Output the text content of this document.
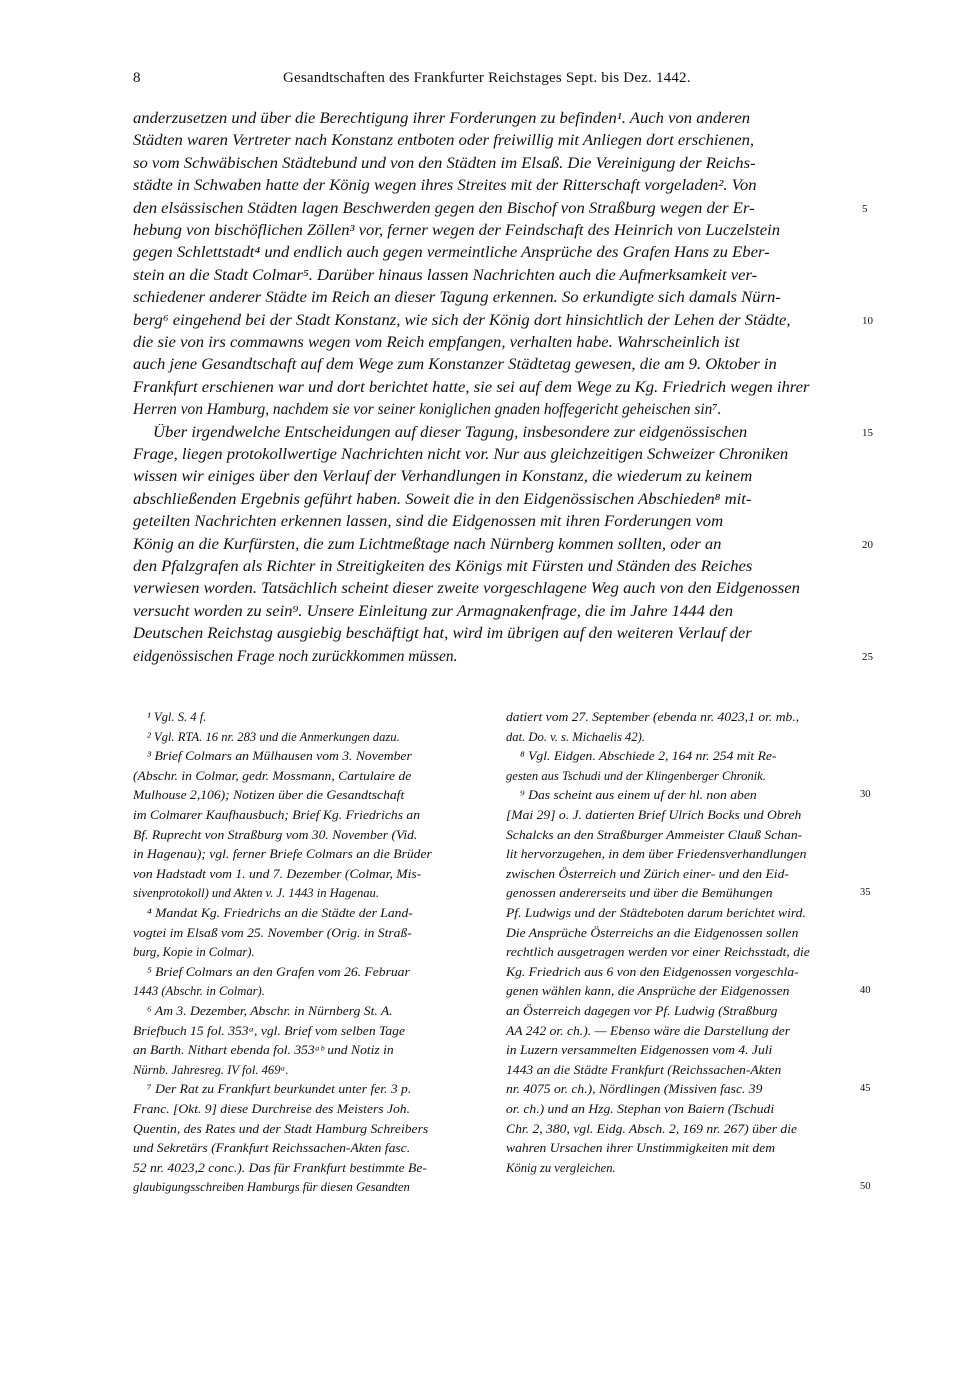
8	Gesandtschaften des Frankfurter Reichstages Sept. bis Dez. 1442.
anderzusetzen und über die Berechtigung ihrer Forderungen zu befinden¹. Auch von anderen
Städten waren Vertreter nach Konstanz entboten oder freiwillig mit Anliegen dort erschienen,
so vom Schwäbischen Städtebund und von den Städten im Elsaß. Die Vereinigung der Reichs-
städte in Schwaben hatte der König wegen ihres Streites mit der Ritterschaft vorgeladen². Von
den elsässischen Städten lagen Beschwerden gegen den Bischof von Straßburg wegen der Er-
hebung von bischöflichen Zöllen³ vor, ferner wegen der Feindschaft des Heinrich von Luczelstein
gegen Schlettstadt⁴ und endlich auch gegen vermeintliche Ansprüche des Grafen Hans zu Eber-
stein an die Stadt Colmar⁵. Darüber hinaus lassen Nachrichten auch die Aufmerksamkeit ver-
schiedener anderer Städte im Reich an dieser Tagung erkennen. So erkundigte sich damals Nürn-
berg⁶ eingehend bei der Stadt Konstanz, wie sich der König dort hinsichtlich der Lehen der Städte,
die sie von irs commawns wegen vom Reich empfangen, verhalten habe. Wahrscheinlich ist
auch jene Gesandtschaft auf dem Wege zum Konstanzer Städtetag gewesen, die am 9. Oktober in
Frankfurt erschienen war und dort berichtet hatte, sie sei auf dem Wege zu Kg. Friedrich wegen ihrer
Herren von Hamburg, nachdem sie vor seiner koniglichen gnaden hoffegericht geheischen sin⁷.
Über irgendwelche Entscheidungen auf dieser Tagung, insbesondere zur eidgenössischen
Frage, liegen protokollwertige Nachrichten nicht vor. Nur aus gleichzeitigen Schweizer Chroniken
wissen wir einiges über den Verlauf der Verhandlungen in Konstanz, die wiederum zu keinem
abschließenden Ergebnis geführt haben. Soweit die in den Eidgenössischen Abschieden⁸ mit-
geteilten Nachrichten erkennen lassen, sind die Eidgenossen mit ihren Forderungen vom
König an die Kurfürsten, die zum Lichtmeßtage nach Nürnberg kommen sollten, oder an
den Pfalzgrafen als Richter in Streitigkeiten des Königs mit Fürsten und Ständen des Reiches
verwiesen worden. Tatsächlich scheint dieser zweite vorgeschlagene Weg auch von den Eidgenossen
versucht worden zu sein⁹. Unsere Einleitung zur Armagnakenfrage, die im Jahre 1444 den
Deutschen Reichstag ausgiebig beschäftigt hat, wird im übrigen auf den weiteren Verlauf der
eidgenössischen Frage noch zurückkommen müssen.
5
10
15
20
25
¹ Vgl. S. 4 f.
² Vgl. RTA. 16 nr. 283 und die Anmerkungen dazu.
³ Brief Colmars an Mülhausen vom 3. November
(Abschr. in Colmar, gedr. Mossmann, Cartulaire de
Mulhouse 2,106); Notizen über die Gesandtschaft
im Colmarer Kaufhausbuch; Brief Kg. Friedrichs an
Bf. Ruprecht von Straßburg vom 30. November (Vid.
in Hagenau); vgl. ferner Briefe Colmars an die Brüder
von Hadstadt vom 1. und 7. Dezember (Colmar, Mis-
sivenprotokoll) und Akten v. J. 1443 in Hagenau.
⁴ Mandat Kg. Friedrichs an die Städte der Land-
vogtei im Elsaß vom 25. November (Orig. in Straß-
burg, Kopie in Colmar).
⁵ Brief Colmars an den Grafen vom 26. Februar
1443 (Abschr. in Colmar).
⁶ Am 3. Dezember, Abschr. in Nürnberg St. A.
Briefbuch 15 fol. 353ᵃ, vgl. Brief vom selben Tage
an Barth. Nithart ebenda fol. 353ᵃᵇ und Notiz in
Nürnb. Jahresreg. IV fol. 469ᵃ.
⁷ Der Rat zu Frankfurt beurkundet unter fer. 3 p.
Franc. [Okt. 9] diese Durchreise des Meisters Joh.
Quentin, des Rates und der Stadt Hamburg Schreibers
und Sekretärs (Frankfurt Reichssachen-Akten fasc.
52 nr. 4023,2 conc.). Das für Frankfurt bestimmte Be-
glaubigungsschreiben Hamburgs für diesen Gesandten
datiert vom 27. September (ebenda nr. 4023,1 or. mb.,
dat. Do. v. s. Michaelis 42).
⁸ Vgl. Eidgen. Abschiede 2, 164 nr. 254 mit Re-
gesten aus Tschudi und der Klingenberger Chronik.
⁹ Das scheint aus einem uf der hl. non aben
[Mai 29] o. J. datierten Brief Ulrich Bocks und Obreh
Schalcks an den Straßburger Ammeister Clauß Schan-
lit hervorzugehen, in dem über Friedensverhandlungen
zwischen Österreich und Zürich einer- und den Eid-
genossen andererseits und über die Bemühungen
Pf. Ludwigs und der Städteboten darum berichtet wird.
Die Ansprüche Österreichs an die Eidgenossen sollen
rechtlich ausgetragen werden vor einer Reichsstadt, die
Kg. Friedrich aus 6 von den Eidgenossen vorgeschla-
genen wählen kann, die Ansprüche der Eidgenossen
an Österreich dagegen vor Pf. Ludwig (Straßburg
AA 242 or. ch.). — Ebenso wäre die Darstellung der
in Luzern versammelten Eidgenossen vom 4. Juli
1443 an die Städte Frankfurt (Reichssachen-Akten
nr. 4075 or. ch.), Nördlingen (Missiven fasc. 39
or. ch.) und an Hzg. Stephan von Baiern (Tschudi
Chr. 2, 380, vgl. Eidg. Absch. 2, 169 nr. 267) über die
wahren Ursachen ihrer Unstimmigkeiten mit dem
König zu vergleichen.
30
35
40
45
50
